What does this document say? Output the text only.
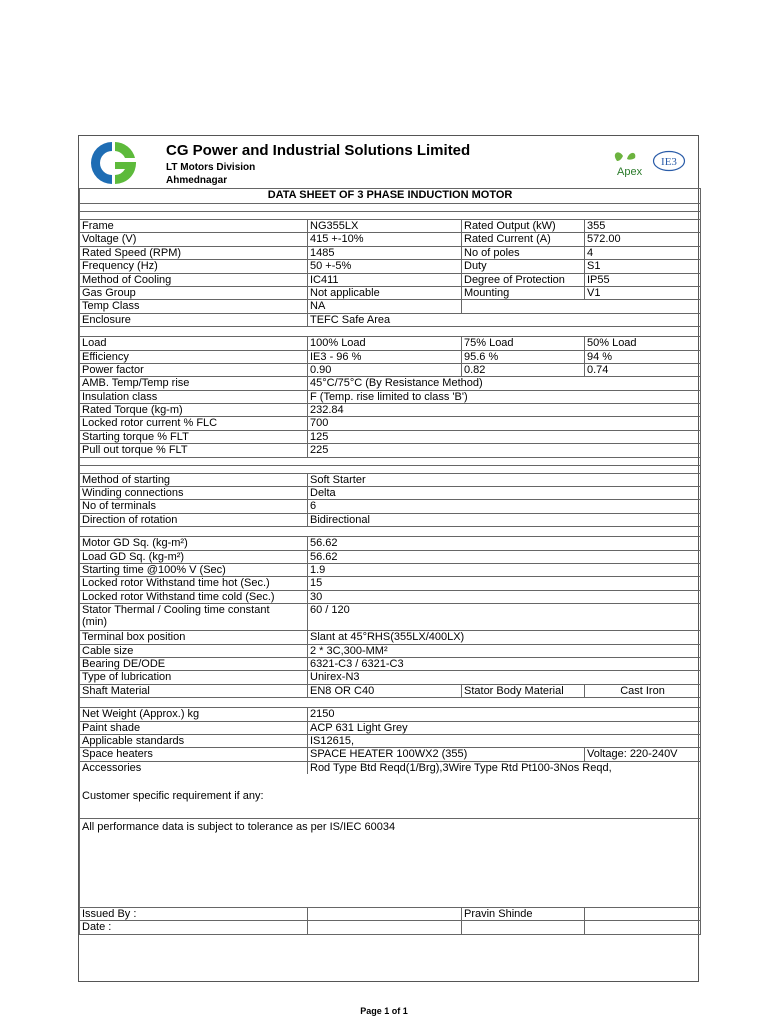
CG Power and Industrial Solutions Limited
LT Motors Division
Ahmednagar
Apex
IE3
DATA SHEET OF 3 PHASE INDUCTION MOTOR			

Frame	NG355LX	Rated Output (kW)	355
Voltage (V)	415 +-10%	Rated Current (A)	572.00
Rated Speed (RPM)	1485	No of poles	4
Frequency (Hz)	50 +-5%	Duty	S1
Method of Cooling	IC411	Degree of Protection	IP55
Gas Group	Not applicable	Mounting	V1
Temp Class	NA		
Enclosure	TEFC Safe Area		

Load	100% Load	75% Load	50% Load
Efficiency	IE3 - 96 %	95.6 %	94 %
Power factor	0.90	0.82	0.74
AMB. Temp/Temp rise	45°C/75°C (By Resistance Method)		
Insulation class	F (Temp. rise limited to class 'B')		
Rated Torque (kg-m)	232.84		
Locked rotor current % FLC	700		
Starting torque % FLT	125		
Pull out torque % FLT	225		

Method of starting	Soft Starter		
Winding connections	Delta		
No of terminals	6		
Direction of rotation	Bidirectional		

Motor GD Sq. (kg-m²)	56.62		
Load GD Sq. (kg-m²)	56.62		
Starting time @100% V (Sec)	1.9		
Locked rotor Withstand time hot (Sec.)	15		
Locked rotor Withstand time cold (Sec.)	30		
Stator Thermal / Cooling time constant
(min)	60 / 120		
Terminal box position	Slant at 45°RHS(355LX/400LX)		
Cable size	2 * 3C,300-MM²		
Bearing DE/ODE	6321-C3 / 6321-C3		
Type of lubrication	Unirex-N3		
Shaft Material	EN8 OR C40	Stator Body Material	Cast Iron

Net Weight (Approx.) kg	2150		
Paint shade	ACP 631 Light Grey		
Applicable standards	IS12615,		
Space heaters	SPACE HEATER 100WX2 (355)		Voltage: 220-240V
Accessories	Rod Type Btd Reqd(1/Brg),3Wire Type Rtd Pt100-3Nos Reqd,		
Customer specific requirement if any:			
All performance data is subject to tolerance as per IS/IEC 60034			
Issued By :		Pravin Shinde	
Date :			
Page 1 of 1
